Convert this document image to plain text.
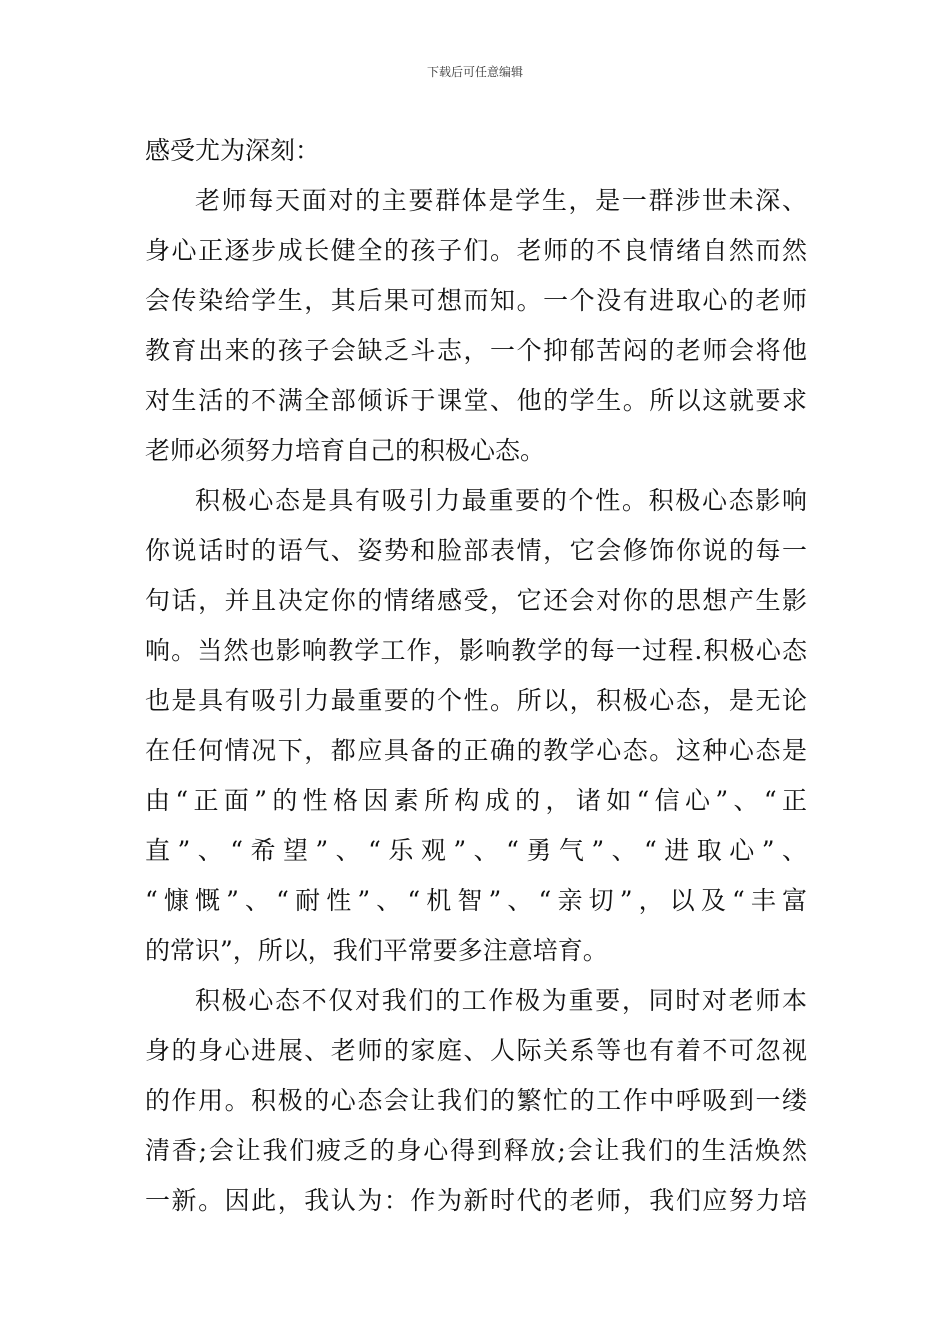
下载后可任意编辑
感受尤为深刻：
老师每天面对的主要群体是学生，是一群涉世未深、
身心正逐步成长健全的孩子们。老师的不良情绪自然而然
会传染给学生，其后果可想而知。一个没有进取心的老师
教育出来的孩子会缺乏斗志，一个抑郁苦闷的老师会将他
对生活的不满全部倾诉于课堂、他的学生。所以这就要求
老师必须努力培育自己的积极心态。
积极心态是具有吸引力最重要的个性。积极心态影响
你说话时的语气、姿势和脸部表情，它会修饰你说的每一
句话，并且决定你的情绪感受，它还会对你的思想产生影
响。当然也影响教学工作，影响教学的每一过程.积极心态
也是具有吸引力最重要的个性。所以，积极心态，是无论
在任何情况下，都应具备的正确的教学心态。这种心态是
由“正面”的性格因素所构成的，诸如“信心”、“正
直”、“希望”、“乐观”、“勇气”、“进取心”、
“慷慨”、“耐性”、“机智”、“亲切”，以及“丰富
的常识”，所以，我们平常要多注意培育。
积极心态不仅对我们的工作极为重要，同时对老师本
身的身心进展、老师的家庭、人际关系等也有着不可忽视
的作用。积极的心态会让我们的繁忙的工作中呼吸到一缕
清香;会让我们疲乏的身心得到释放;会让我们的生活焕然
一新。因此，我认为：作为新时代的老师，我们应努力培
